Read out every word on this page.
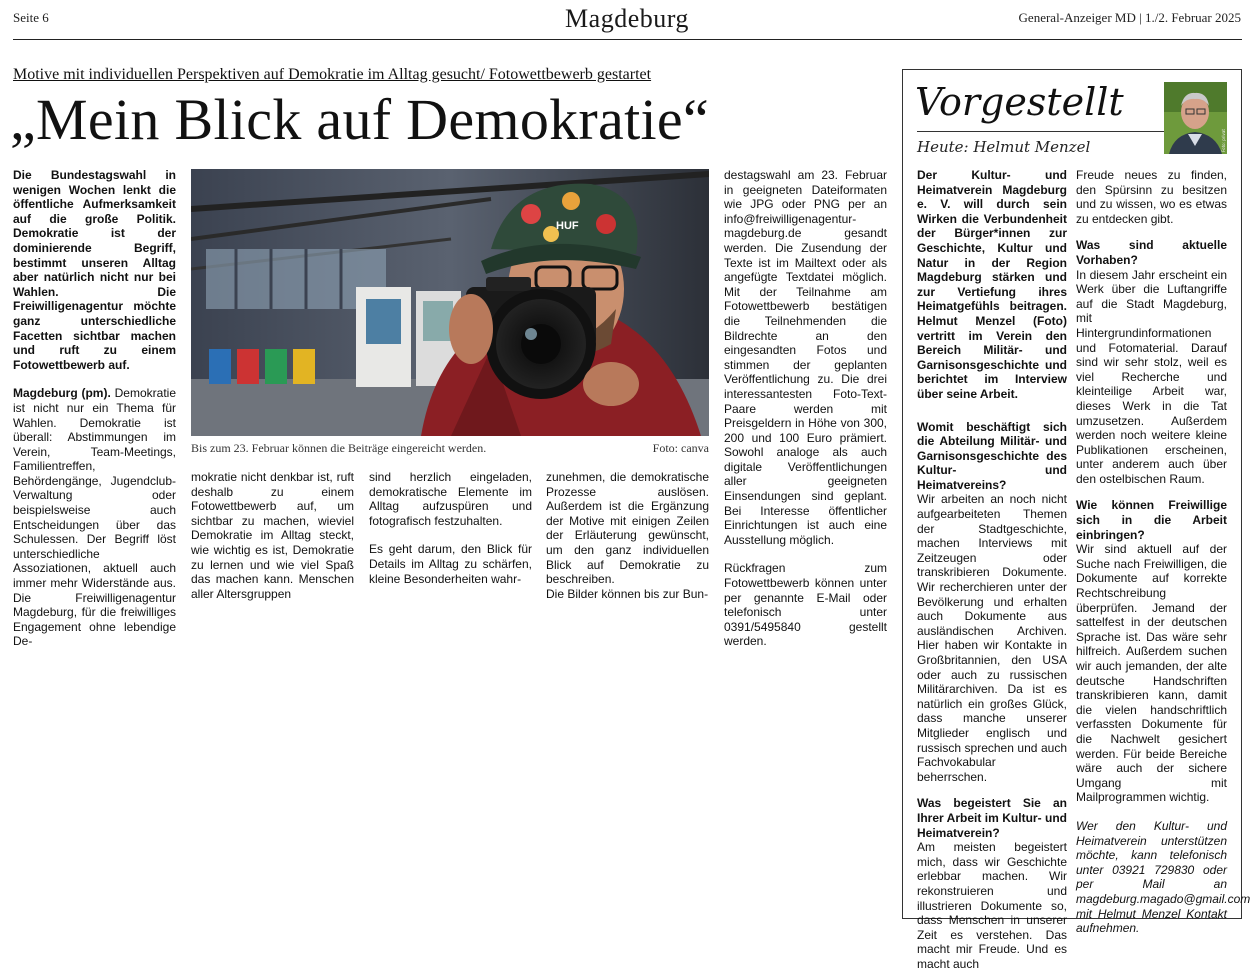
Seite 6	Magdeburg	General-Anzeiger MD | 1./2. Februar 2025
Motive mit individuellen Perspektiven auf Demokratie im Alltag gesucht/ Fotowettbewerb gestartet
„Mein Blick auf Demokratie“

Die Bundestagswahl in wenigen Wochen lenkt die öffentliche Aufmerksamkeit auf die große Politik. Demokratie ist der dominierende Begriff, bestimmt unseren Alltag aber natürlich nicht nur bei Wahlen. Die Freiwilligenagentur möchte ganz unterschiedliche Facetten sichtbar machen und ruft zu einem Fotowettbewerb auf.

Magdeburg (pm). Demokratie ist nicht nur ein Thema für Wahlen. Demokratie ist überall: Abstimmungen im Verein, Team-Meetings, Familientreffen, Behördengänge, Jugendclub-Verwaltung oder beispielsweise auch Entscheidungen über das Schulessen. Der Begriff löst unterschiedliche Assoziationen, aktuell auch immer mehr Widerstände aus. Die Freiwilligenagentur Magdeburg, für die freiwilliges Engagement ohne lebendige De-

HUF
Bis zum 23. Februar können die Beiträge eingereicht werden.	Foto: canva

mokratie nicht denkbar ist, ruft deshalb zu einem Fotowettbewerb auf, um sichtbar zu machen, wieviel Demokratie im Alltag steckt, wie wichtig es ist, Demokratie zu lernen und wie viel Spaß das machen kann. Menschen aller Altersgruppen

sind herzlich eingeladen, demokratische Elemente im Alltag aufzuspüren und fotografisch festzuhalten.

Es geht darum, den Blick für Details im Alltag zu schärfen, kleine Besonderheiten wahr-

zunehmen, die demokratische Prozesse auslösen. Außerdem ist die Ergänzung der Motive mit einigen Zeilen der Erläuterung gewünscht, um den ganz individuellen Blick auf Demokratie zu beschreiben.

Die Bilder können bis zur Bun-

destagswahl am 23. Februar in geeigneten Dateiformaten wie JPG oder PNG per an info@freiwilligenagentur-magdeburg.de gesandt werden. Die Zusendung der Texte ist im Mailtext oder als angefügte Textdatei möglich. Mit der Teilnahme am Fotowettbewerb bestätigen die Teilnehmenden die Bildrechte an den eingesandten Fotos und stimmen der geplanten Veröffentlichung zu. Die drei interessantesten Foto-Text-Paare werden mit Preisgeldern in Höhe von 300, 200 und 100 Euro prämiert. Sowohl analoge als auch digitale Veröffentlichungen aller geeigneten Einsendungen sind geplant. Bei Interesse öffentlicher Einrichtungen ist auch eine Ausstellung möglich.

Rückfragen zum Fotowettbewerb können unter per genannte E-Mail oder telefonisch unter 0391/5495840 gestellt werden.

Vorgestellt
Heute: Helmut Menzel	Foto: privat

Der Kultur- und Heimatverein Magdeburg e. V. will durch sein Wirken die Verbundenheit der Bürger*innen zur Geschichte, Kultur und Natur in der Region Magdeburg stärken und zur Vertiefung ihres Heimatgefühls beitragen. Helmut Menzel (Foto) vertritt im Verein den Bereich Militär- und Garnisonsgeschichte und berichtet im Interview über seine Arbeit.

Womit beschäftigt sich die Abteilung Militär- und Garnisonsgeschichte des Kultur- und Heimatvereins?

Wir arbeiten an noch nicht aufgearbeiteten Themen der Stadtgeschichte, machen Interviews mit Zeitzeugen oder transkribieren Dokumente. Wir recherchieren unter der Bevölkerung und erhalten auch Dokumente aus ausländischen Archiven. Hier haben wir Kontakte in Großbritannien, den USA oder auch zu russischen Militärarchiven. Da ist es natürlich ein großes Glück, dass manche unserer Mitglieder englisch und russisch sprechen und auch Fachvokabular beherrschen.

Was begeistert Sie an Ihrer Arbeit im Kultur- und Heimatverein?

Am meisten begeistert mich, dass wir Geschichte erlebbar machen. Wir rekonstruieren und illustrieren Dokumente so, dass Menschen in unserer Zeit es verstehen. Das macht mir Freude. Und es macht auch

Freude neues zu finden, den Spürsinn zu besitzen und zu wissen, wo es etwas zu entdecken gibt.

Was sind aktuelle Vorhaben?

In diesem Jahr erscheint ein Werk über die Luftangriffe auf die Stadt Magdeburg, mit Hintergrundinformationen und Fotomaterial. Darauf sind wir sehr stolz, weil es viel Recherche und kleinteilige Arbeit war, dieses Werk in die Tat umzusetzen. Außerdem werden noch weitere kleine Publikationen erscheinen, unter anderem auch über den ostelbischen Raum.

Wie können Freiwillige sich in die Arbeit einbringen?

Wir sind aktuell auf der Suche nach Freiwilligen, die Dokumente auf korrekte Rechtschreibung überprüfen. Jemand der sattelfest in der deutschen Sprache ist. Das wäre sehr hilfreich. Außerdem suchen wir auch jemanden, der alte deutsche Handschriften transkribieren kann, damit die vielen handschriftlich verfassten Dokumente für die Nachwelt gesichert werden. Für beide Bereiche wäre auch der sichere Umgang mit Mailprogrammen wichtig.

Wer den Kultur- und Heimatverein unterstützen möchte, kann telefonisch unter 03921 729830 oder per Mail an magdeburg.magado@gmail.com mit Helmut Menzel Kontakt aufnehmen.
